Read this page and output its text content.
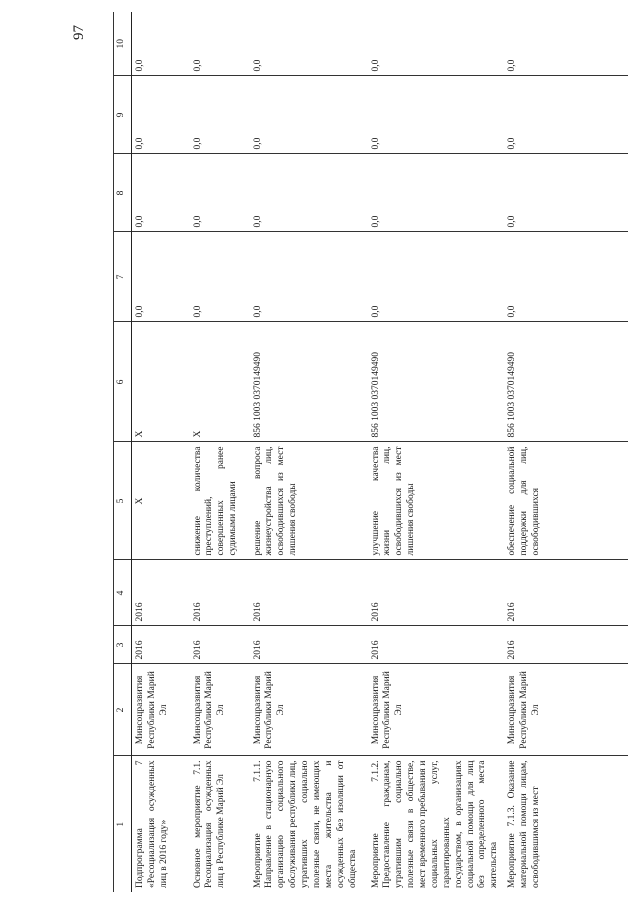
97
1	2	3	4	5	6	7	8	9	10
Подпрограмма 7 «Ресоциализация осужденных лиц в 2016 году»	Минсоцразвития Республики Марий Эл	2016	2016	X	X	0,0	0,0	0,0	0,0
Основное мероприятие 7.1. Ресоциализация осужденных лиц в Республике Марий Эл	Минсоцразвития Республики Марий Эл	2016	2016	снижение количества преступлений, совершенных ранее судимыми лицами	X	0,0	0,0	0,0	0,0
Мероприятие 7.1.1. Направление в стационарную организацию социального обслуживания республики лиц, утративших социально полезные связи, не имеющих места жительства и осужденных без изоляции от общества	Минсоцразвития Республики Марий Эл	2016	2016	решение вопроса жизнеустройства лиц, освободившихся из мест лишения свободы	856 1003 0370149490	0,0	0,0	0,0	0,0
Мероприятие 7.1.2. Предоставление гражданам, утратившим социально полезные связи в обществе, мест временного пребывания и социальных услуг, гарантированных государством, в организациях социальной помощи для лиц без определенного места жительства	Минсоцразвития Республики Марий Эл	2016	2016	улучшение качества жизни лиц, освободившихся из мест лишения свободы	856 1003 0370149490	0,0	0,0	0,0	0,0
Мероприятие 7.1.3. Оказание материальной помощи лицам, освободившимся из мест	Минсоцразвития Республики Марий Эл	2016	2016	обеспечение социальной поддержки для лиц, освободившихся	856 1003 0370149490	0,0	0,0	0,0	0,0
